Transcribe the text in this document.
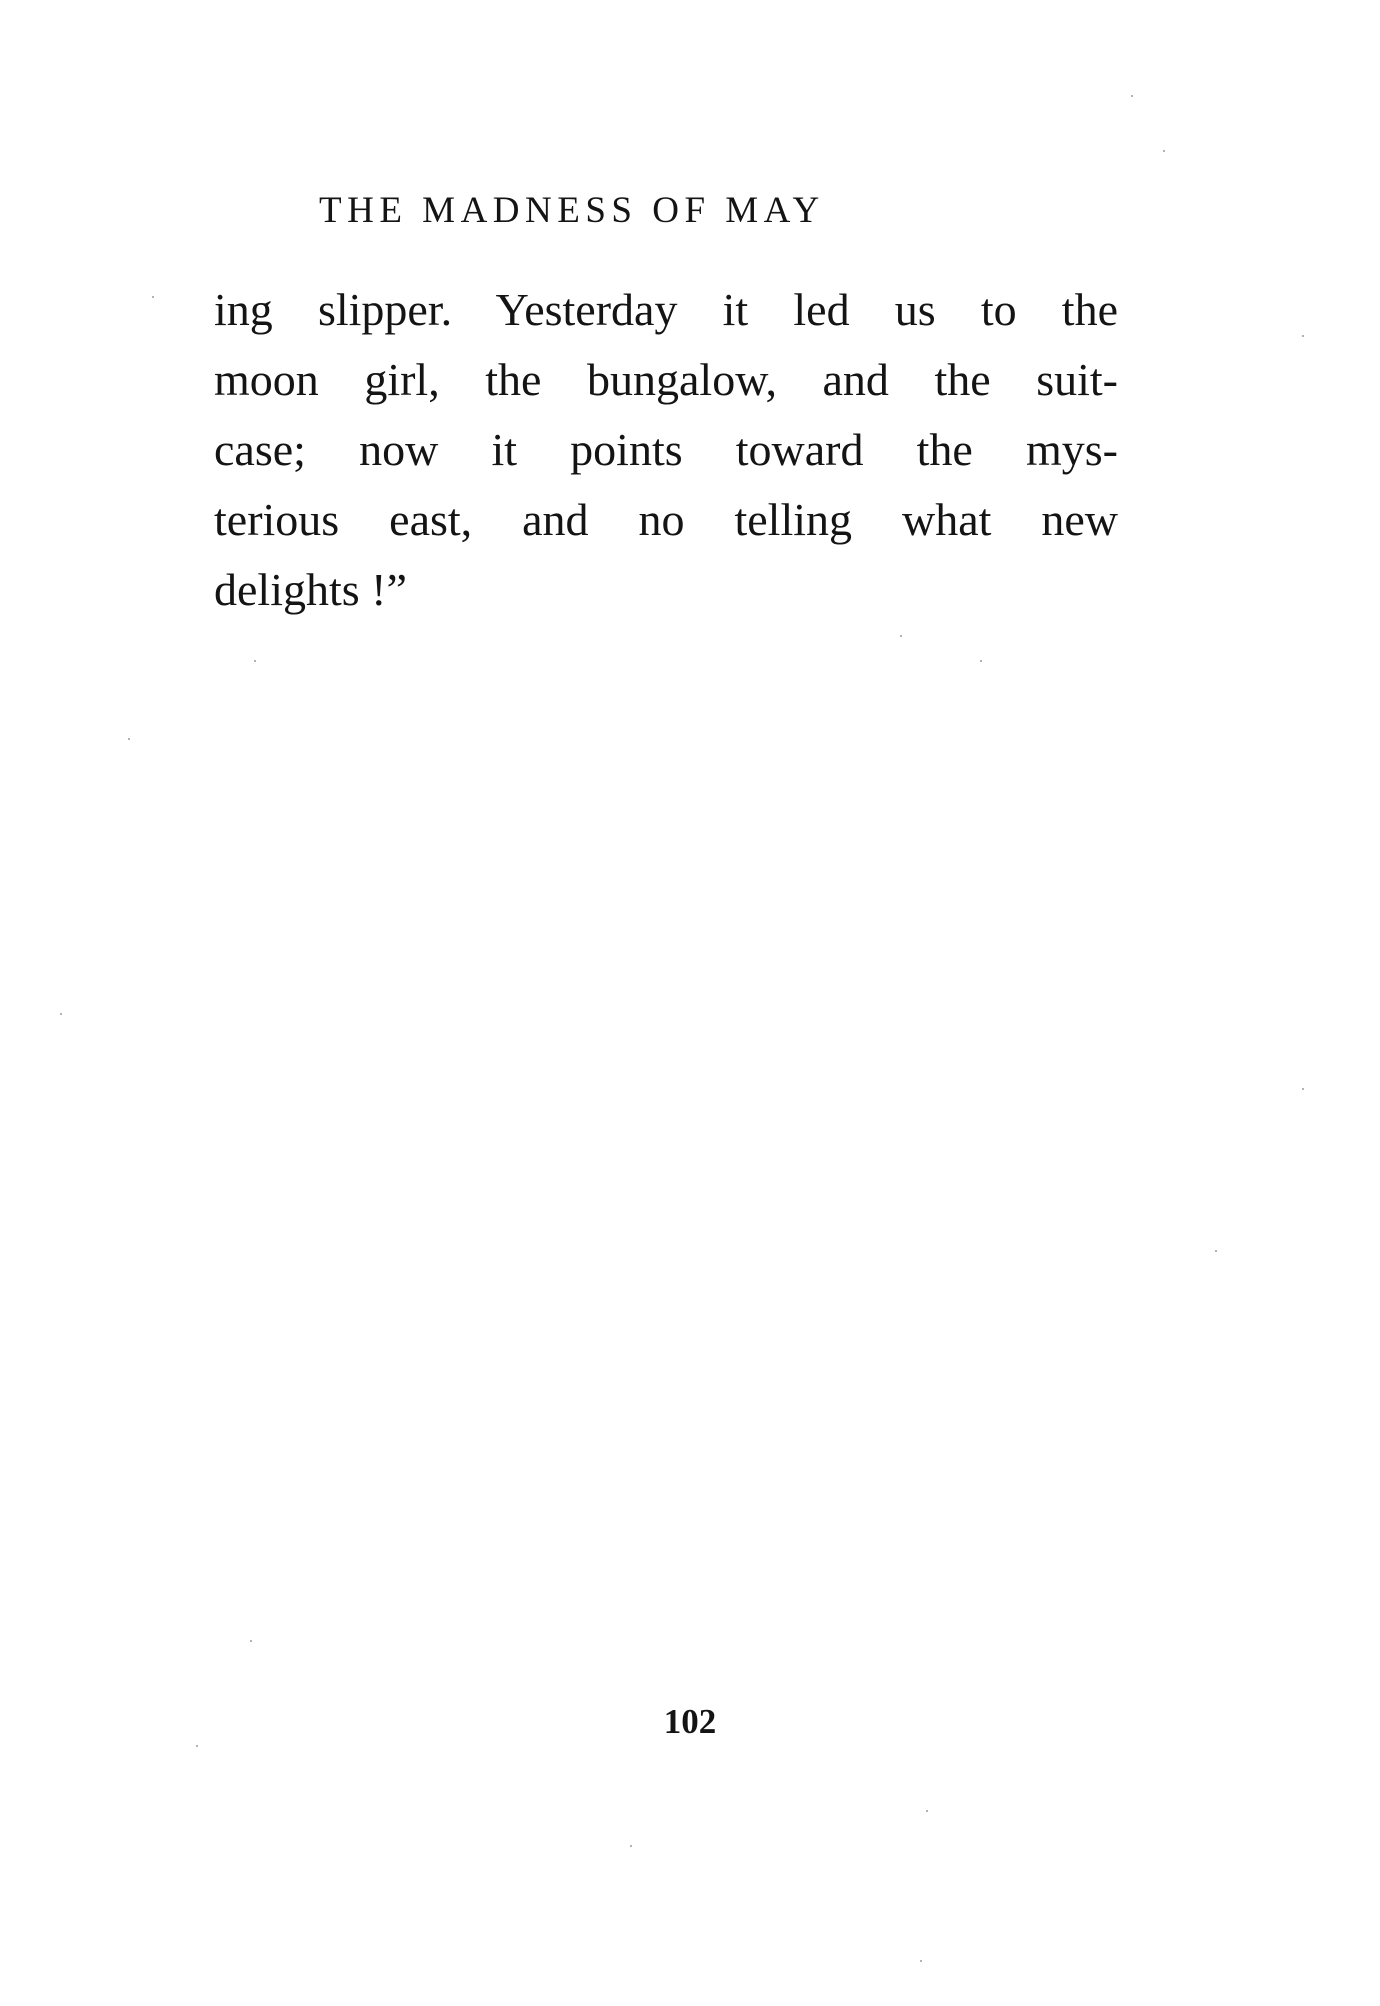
THE MADNESS OF MAY
ing slipper. Yesterday it led us to the
moon girl, the bungalow, and the suit-
case; now it points toward the mys-
terious east, and no telling what new
delights !”
102
